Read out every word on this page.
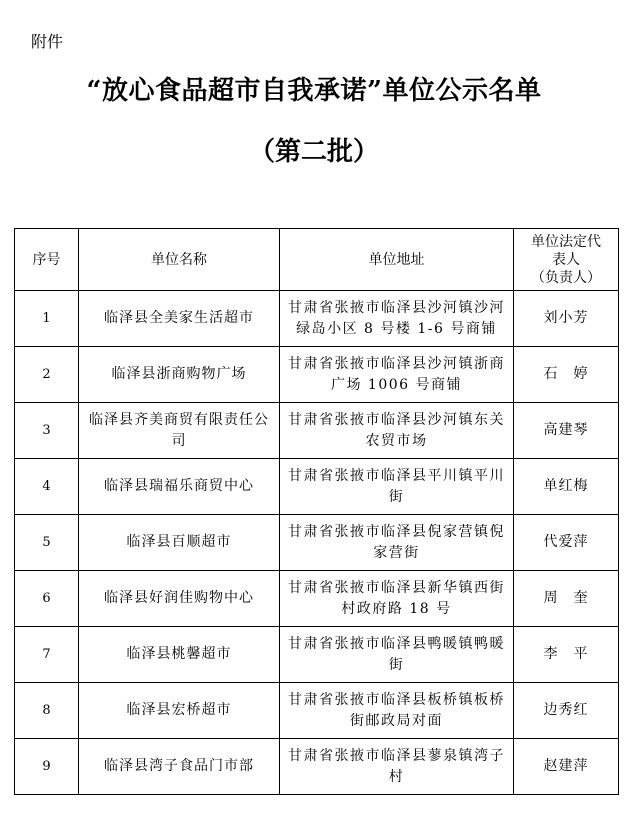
附件
“放心食品超市自我承诺”单位公示名单
（第二批）
序号	单位名称	单位地址	单位法定代
表人
（负责人）

1	临泽县全美家生活超市	甘肃省张掖市临泽县沙河镇沙河绿岛小区 8 号楼 1-6 号商铺	刘小芳
2	临泽县浙商购物广场	甘肃省张掖市临泽县沙河镇浙商广场 1006 号商铺	石　婷
3	临泽县齐美商贸有限责任公司	甘肃省张掖市临泽县沙河镇东关农贸市场	高建琴
4	临泽县瑞福乐商贸中心	甘肃省张掖市临泽县平川镇平川街	单红梅
5	临泽县百顺超市	甘肃省张掖市临泽县倪家营镇倪家营街	代爱萍
6	临泽县好润佳购物中心	甘肃省张掖市临泽县新华镇西街村政府路 18 号	周　奎
7	临泽县桃馨超市	甘肃省张掖市临泽县鸭暖镇鸭暖街	李　平
8	临泽县宏桥超市	甘肃省张掖市临泽县板桥镇板桥街邮政局对面	边秀红
9	临泽县湾子食品门市部	甘肃省张掖市临泽县蓼泉镇湾子村	赵建萍
